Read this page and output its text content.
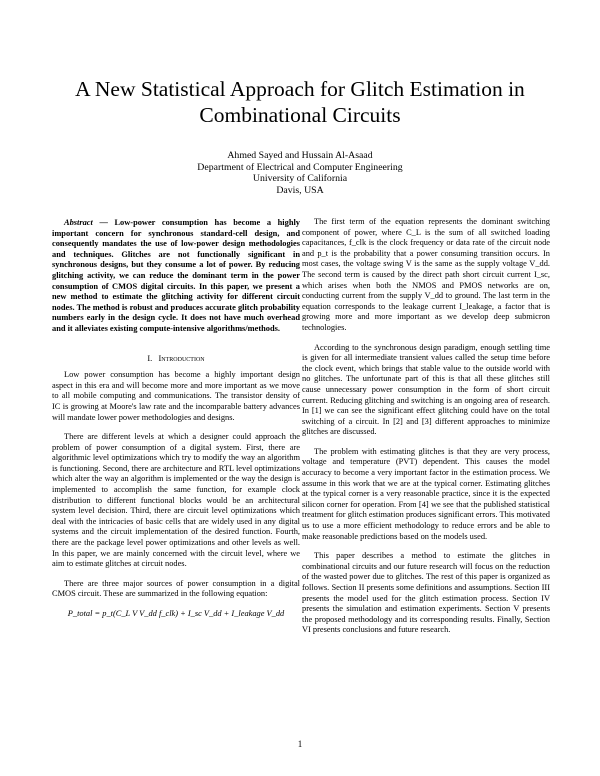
A New Statistical Approach for Glitch Estimation in Combinational Circuits
Ahmed Sayed and Hussain Al-Asaad
Department of Electrical and Computer Engineering
University of California
Davis, USA

Abstract — Low-power consumption has become a highly important concern for synchronous standard-cell design, and consequently mandates the use of low-power design methodologies and techniques. Glitches are not functionally significant in synchronous designs, but they consume a lot of power. By reducing glitching activity, we can reduce the dominant term in the power consumption of CMOS digital circuits. In this paper, we present a new method to estimate the glitching activity for different circuit nodes. The method is robust and produces accurate glitch probability numbers early in the design cycle. It does not have much overhead and it alleviates existing compute-intensive algorithms/methods.

I. Introduction

Low power consumption has become a highly important design aspect in this era and will become more and more important as we move to all mobile computing and communications. The transistor density of IC is growing at Moore's law rate and the incomparable battery advances will mandate lower power methodologies and designs.

There are different levels at which a designer could approach the problem of power consumption of a digital system. First, there are algorithmic level optimizations which try to modify the way an algorithm is functioning. Second, there are architecture and RTL level optimizations which alter the way an algorithm is implemented or the way the design is implemented to accomplish the same function, for example clock distribution to different functional blocks would be an architectural system level decision. Third, there are circuit level optimizations which deal with the intricacies of basic cells that are widely used in any digital systems and the circuit implementation of the desired function. Fourth, there are the package level power optimizations and other levels as well. In this paper, we are mainly concerned with the circuit level, where we aim to estimate glitches at circuit nodes.

There are three major sources of power consumption in a digital CMOS circuit. These are summarized in the following equation:

P_total = p_t(C_L V V_dd f_clk) + I_sc V_dd + I_leakage V_dd

The first term of the equation represents the dominant switching component of power, where C_L is the sum of all switched loading capacitances, f_clk is the clock frequency or data rate of the circuit node and p_t is the probability that a power consuming transition occurs. In most cases, the voltage swing V is the same as the supply voltage V_dd. The second term is caused by the direct path short circuit current I_sc, which arises when both the NMOS and PMOS networks are on, conducting current from the supply V_dd to ground. The last term in the equation corresponds to the leakage current I_leakage, a factor that is growing more and more important as we develop deep submicron technologies.

According to the synchronous design paradigm, enough settling time is given for all intermediate transient values called the setup time before the clock event, which brings that stable value to the outside world with no glitches. The unfortunate part of this is that all these glitches still cause unnecessary power consumption in the form of short circuit current. Reducing glitching and switching is an ongoing area of research. In [1] we can see the significant effect glitching could have on the total switching of a circuit. In [2] and [3] different approaches to minimize glitches are discussed.

The problem with estimating glitches is that they are very process, voltage and temperature (PVT) dependent. This causes the model accuracy to become a very important factor in the estimation process. We assume in this work that we are at the typical corner. Estimating glitches at the typical corner is a very reasonable practice, since it is the expected silicon corner for operation. From [4] we see that the published statistical treatment for glitch estimation produces significant errors. This motivated us to use a more efficient methodology to reduce errors and be able to make reasonable predictions based on the models used.

This paper describes a method to estimate the glitches in combinational circuits and our future research will focus on the reduction of the wasted power due to glitches. The rest of this paper is organized as follows. Section II presents some definitions and assumptions. Section III presents the model used for the glitch estimation process. Section IV presents the simulation and estimation experiments. Section V presents the proposed methodology and its corresponding results. Finally, Section VI presents conclusions and future research.

1
